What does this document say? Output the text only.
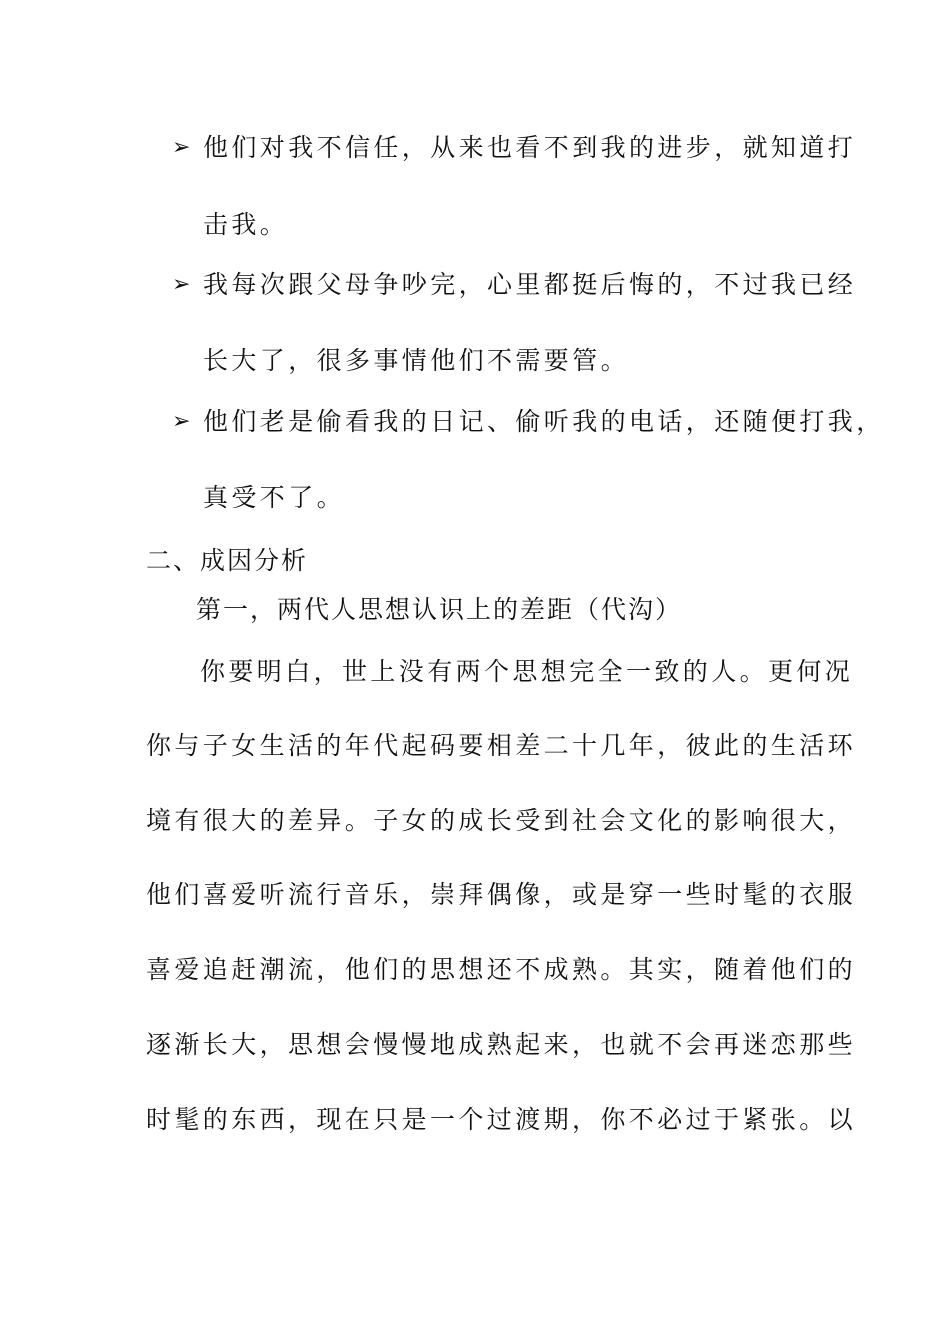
➢ 他们对我不信任，从来也看不到我的进步，就知道打
击我。
➢ 我每次跟父母争吵完，心里都挺后悔的，不过我已经
长大了，很多事情他们不需要管。
➢ 他们老是偷看我的日记、偷听我的电话，还随便打我，
真受不了。
二、成因分析
第一，两代人思想认识上的差距（代沟）
你要明白，世上没有两个思想完全一致的人。更何况
你与子女生活的年代起码要相差二十几年，彼此的生活环
境有很大的差异。子女的成长受到社会文化的影响很大，
他们喜爱听流行音乐，崇拜偶像，或是穿一些时髦的衣服
喜爱追赶潮流，他们的思想还不成熟。其实，随着他们的
逐渐长大，思想会慢慢地成熟起来，也就不会再迷恋那些
时髦的东西，现在只是一个过渡期，你不必过于紧张。以
